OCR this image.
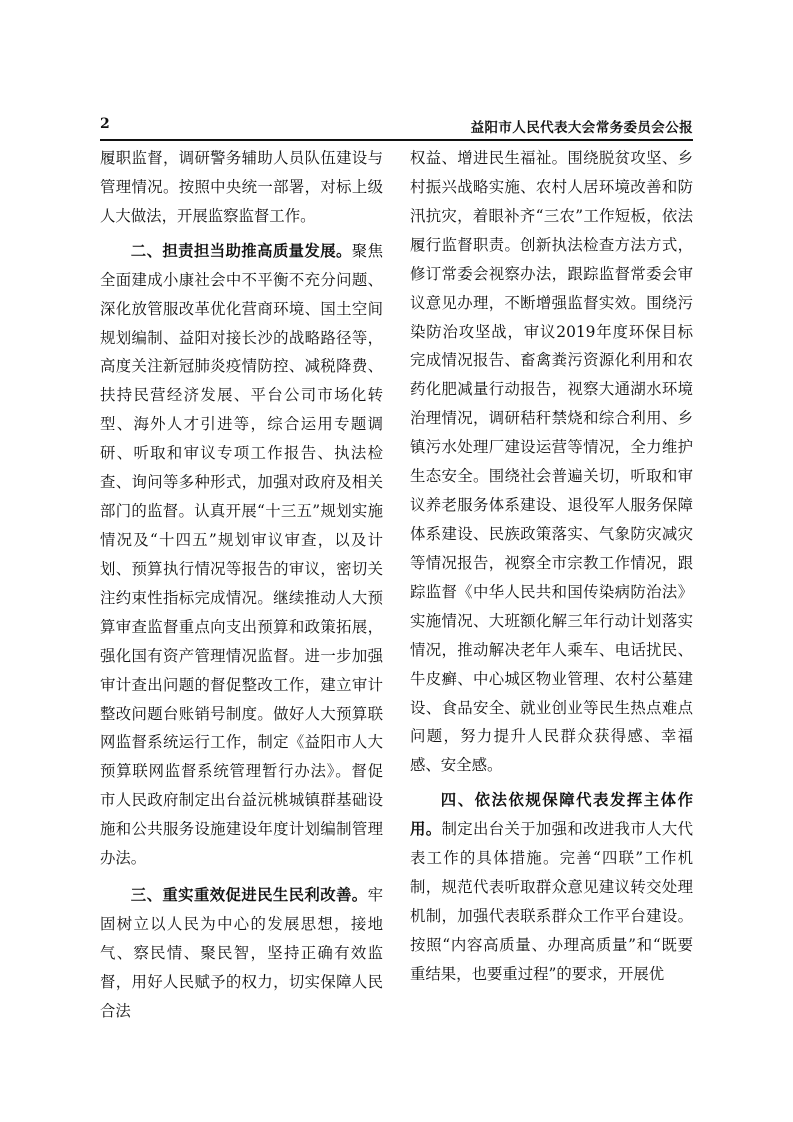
2	益阳市人民代表大会常务委员会公报

履职监督，调研警务辅助人员队伍建设与管理情况。按照中央统一部署，对标上级人大做法，开展监察监督工作。

二、担责担当助推高质量发展。聚焦全面建成小康社会中不平衡不充分问题、深化放管服改革优化营商环境、国土空间规划编制、益阳对接长沙的战略路径等，高度关注新冠肺炎疫情防控、减税降费、扶持民营经济发展、平台公司市场化转型、海外人才引进等，综合运用专题调研、听取和审议专项工作报告、执法检查、询问等多种形式，加强对政府及相关部门的监督。认真开展“十三五”规划实施情况及“十四五”规划审议审查，以及计划、预算执行情况等报告的审议，密切关注约束性指标完成情况。继续推动人大预算审查监督重点向支出预算和政策拓展，强化国有资产管理情况监督。进一步加强审计查出问题的督促整改工作，建立审计整改问题台账销号制度。做好人大预算联网监督系统运行工作，制定《益阳市人大预算联网监督系统管理暂行办法》。督促市人民政府制定出台益沅桃城镇群基础设施和公共服务设施建设年度计划编制管理办法。

三、重实重效促进民生民利改善。牢固树立以人民为中心的发展思想，接地气、察民情、聚民智，坚持正确有效监督，用好人民赋予的权力，切实保障人民合法

权益、增进民生福祉。围绕脱贫攻坚、乡村振兴战略实施、农村人居环境改善和防汛抗灾，着眼补齐“三农”工作短板，依法履行监督职责。创新执法检查方法方式，修订常委会视察办法，跟踪监督常委会审议意见办理，不断增强监督实效。围绕污染防治攻坚战，审议2019年度环保目标完成情况报告、畜禽粪污资源化利用和农药化肥减量行动报告，视察大通湖水环境治理情况，调研秸秆禁烧和综合利用、乡镇污水处理厂建设运营等情况，全力维护生态安全。围绕社会普遍关切，听取和审议养老服务体系建设、退役军人服务保障体系建设、民族政策落实、气象防灾减灾等情况报告，视察全市宗教工作情况，跟踪监督《中华人民共和国传染病防治法》实施情况、大班额化解三年行动计划落实情况，推动解决老年人乘车、电话扰民、牛皮癣、中心城区物业管理、农村公墓建设、食品安全、就业创业等民生热点难点问题，努力提升人民群众获得感、幸福感、安全感。

四、依法依规保障代表发挥主体作用。制定出台关于加强和改进我市人大代表工作的具体措施。完善“四联”工作机制，规范代表听取群众意见建议转交处理机制，加强代表联系群众工作平台建设。按照“内容高质量、办理高质量”和“既要重结果，也要重过程”的要求，开展优
